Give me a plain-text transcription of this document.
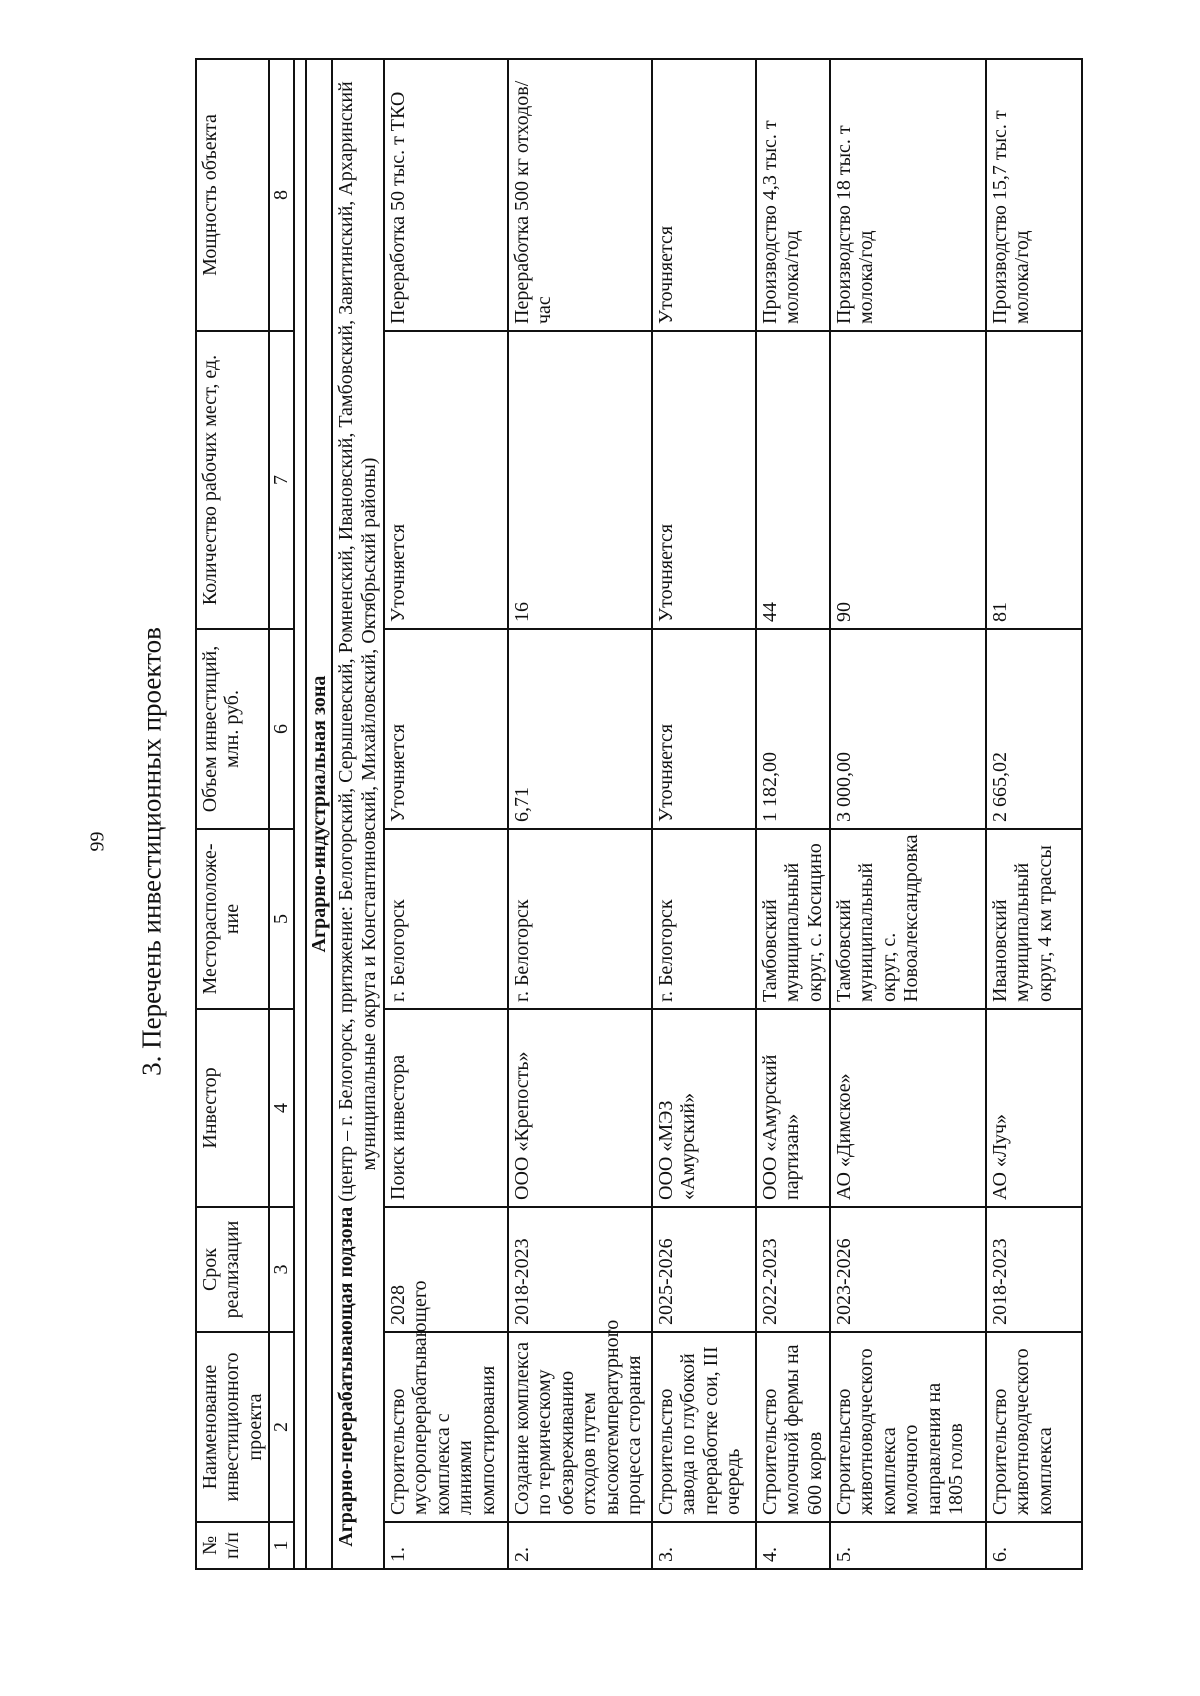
99 3. Перечень инвестиционных проектов
№ п/п	Наименование инвестиционного проекта	Срок реализации	Инвестор	Месторасположе-ние	Объем инвестиций, млн. руб.	Количество рабочих мест, ед.	Мощность объекта
1	2	3	4	5	6	7	8

Аграрно-индустриальная зона							
Аграрно-перерабатывающая подзона (центр – г. Белогорск, притяжение: Белогорский, Серышевский, Ромненский, Ивановский, Тамбовский, Завитинский, Архаринский муниципальные округа и Константиновский, Михайловский, Октябрьский районы)							
1.	Строительство мусороперерабатывающего комплекса с линиями компостирования	2028	Поиск инвестора	г. Белогорск	Уточняется	Уточняется	Переработка 50 тыс. т ТКО
2.	Создание комплекса по термическому обезвреживанию отходов путем высокотемпературного процесса сторания	2018-2023	ООО «Крепость»	г. Белогорск	6,71	16	Переработка 500 кг отходов/час
3.	Строительство завода по глубокой переработке сои, III очередь	2025-2026	ООО «МЭЗ «Амурский»	г. Белогорск	Уточняется	Уточняется	Уточняется
4.	Строительство молочной фермы на 600 коров	2022-2023	ООО «Амурский партизан»	Тамбовский муниципальный округ, с. Косицино	1 182,00	44	Производство 4,3 тыс. т молока/год
5.	Строительство животноводческого комплекса молочного направления на 1805 голов	2023-2026	АО «Димское»	Тамбовский муниципальный округ, с. Новоалександровка	3 000,00	90	Производство 18 тыс. т молока/год
6.	Строительство животноводческого комплекса	2018-2023	АО «Луч»	Ивановский муниципальный округ, 4 км трассы	2 665,02	81	Производство 15,7 тыс. т молока/год
